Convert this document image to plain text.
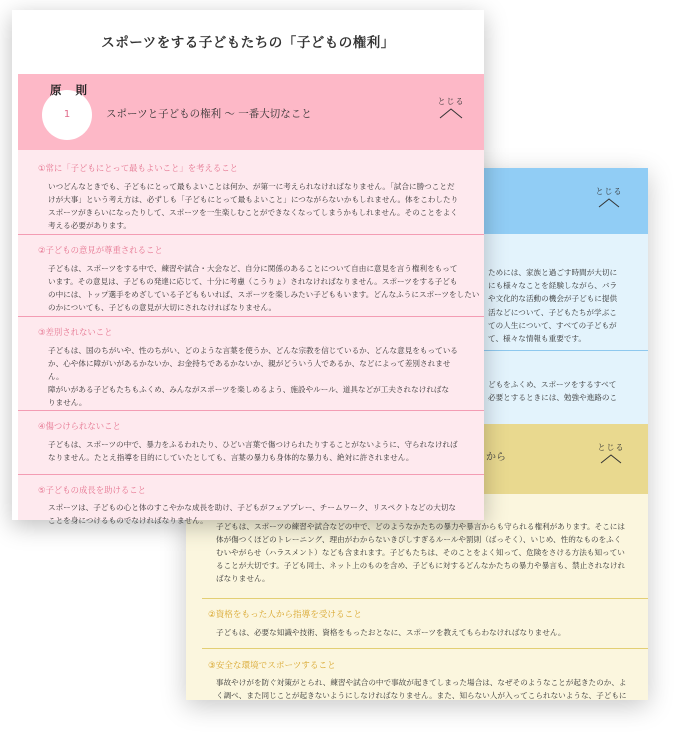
とじる
ためには、家族と過ごす時間が大切に
にも様々なことを経験しながら、バラ
や文化的な活動の機会が子どもに提供
活などについて、子どもたちが学ぶこ
ての人生について、すべての子どもが
て、様々な情報も重要です。
どもをふくめ、スポーツをするすべて
必要とするときには、勉強や進路のこ
から
とじる
子どもは、スポーツの練習や試合などの中で、どのようなかたちの暴力や暴言からも守られる権利があります。そこには
体が傷つくほどのトレーニング、理由がわからないきびしすぎるルールや罰則（ばっそく）、いじめ、性的なものをふく
むいやがらせ（ハラスメント）なども含まれます。子どもたちは、そのことをよく知って、危険をさける方法も知ってい
ることが大切です。子ども同士、ネット上のものを含め、子どもに対するどんなかたちの暴力や暴言も、禁止されなけれ
ばなりません。
②資格をもった人から指導を受けること
子どもは、必要な知識や技術、資格をもったおとなに、スポーツを教えてもらわなければなりません。
③安全な環境でスポーツすること
事故やけがを防ぐ対策がとられ、練習や試合の中で事故が起きてしまった場合は、なぜそのようなことが起きたのか、よ
く調べ、また同じことが起きないようにしなければなりません。また、知らない人が入ってこられないような、子どもに
スポーツをする子どもたちの「子どもの権利」
とじる
1
原 則
スポーツと子どもの権利 〜 一番大切なこと
①常に「子どもにとって最もよいこと」を考えること
いつどんなときでも、子どもにとって最もよいことは何か、が第一に考えられなければなりません。「試合に勝つことだ
けが大事」という考え方は、必ずしも「子どもにとって最もよいこと」につながらないかもしれません。体をこわしたり
スポーツがきらいになったりして、スポーツを一生楽しむことができなくなってしまうかもしれません。そのことをよく
考える必要があります。
②子どもの意見が尊重されること
子どもは、スポーツをする中で、練習や試合・大会など、自分に関係のあることについて自由に意見を言う権利をもって
います。その意見は、子どもの発達に応じて、十分に考慮（こうりょ）されなければなりません。スポーツをする子ども
の中には、トップ選手をめざしている子どももいれば、スポーツを楽しみたい子どももいます。どんなふうにスポーツをしたい
のかについても、子どもの意見が大切にされなければなりません。
③差別されないこと
子どもは、国のちがいや、性のちがい、どのような言葉を使うか、どんな宗教を信じているか、どんな意見をもっている
か、心や体に障がいがあるかないか、お金持ちであるかないか、親がどういう人であるか、などによって差別されませ
ん。
障がいがある子どもたちもふくめ、みんながスポーツを楽しめるよう、施設やルール、道具などが工夫されなければな
りません。
④傷つけられないこと
子どもは、スポーツの中で、暴力をふるわれたり、ひどい言葉で傷つけられたりすることがないように、守られなければ
なりません。たとえ指導を目的にしていたとしても、言葉の暴力も身体的な暴力も、絶対に許されません。
⑤子どもの成長を助けること
スポーツは、子どもの心と体のすこやかな成長を助け、子どもがフェアプレー、チームワーク、リスペクトなどの大切な
ことを身につけるものでなければなりません。
